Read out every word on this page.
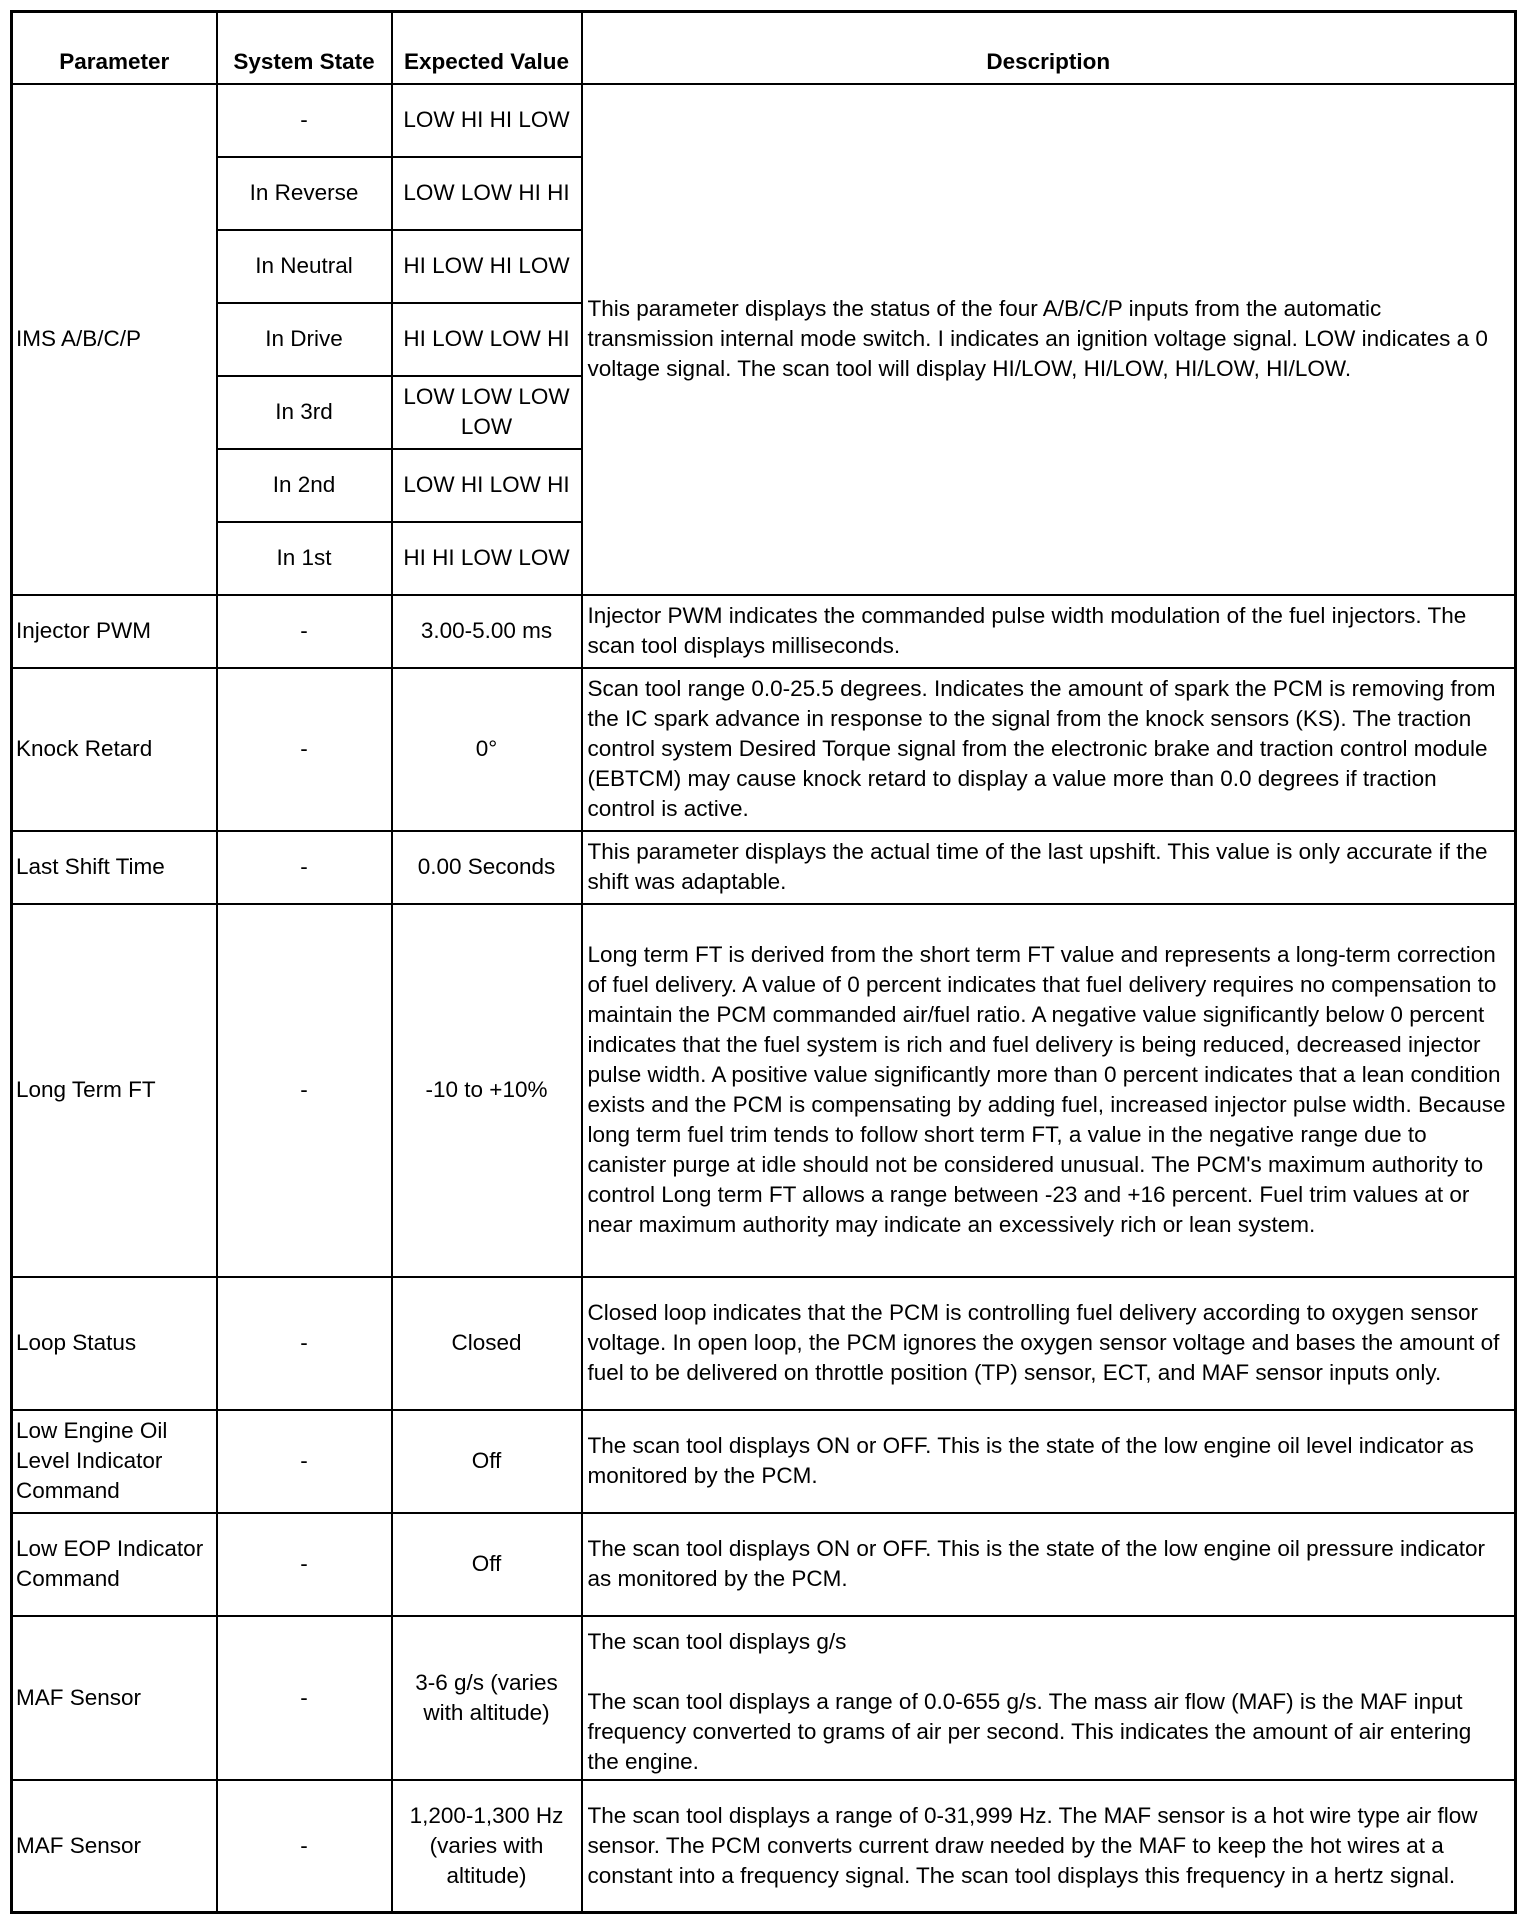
Parameter	System State	Expected Value	Description
IMS A/B/C/P	-	LOW HI HI LOW	This parameter displays the status of the four A/B/C/P inputs from the automatic transmission internal mode switch. I indicates an ignition voltage signal. LOW indicates a 0 voltage signal. The scan tool will display HI/LOW, HI/LOW, HI/LOW, HI/LOW.
	In Reverse	LOW LOW HI HI	
	In Neutral	HI LOW HI LOW	
	In Drive	HI LOW LOW HI	
	In 3rd	LOW LOW LOW LOW	
	In 2nd	LOW HI LOW HI	
	In 1st	HI HI LOW LOW	
Injector PWM	-	3.00-5.00 ms	Injector PWM indicates the commanded pulse width modulation of the fuel injectors. The scan tool displays milliseconds.
Knock Retard	-	0°	Scan tool range 0.0-25.5 degrees. Indicates the amount of spark the PCM is removing from the IC spark advance in response to the signal from the knock sensors (KS). The traction control system Desired Torque signal from the electronic brake and traction control module (EBTCM) may cause knock retard to display a value more than 0.0 degrees if traction control is active.
Last Shift Time	-	0.00 Seconds	This parameter displays the actual time of the last upshift. This value is only accurate if the shift was adaptable.
Long Term FT	-	-10 to +10%	Long term FT is derived from the short term FT value and represents a long-term correction of fuel delivery. A value of 0 percent indicates that fuel delivery requires no compensation to maintain the PCM commanded air/fuel ratio. A negative value significantly below 0 percent indicates that the fuel system is rich and fuel delivery is being reduced, decreased injector pulse width. A positive value significantly more than 0 percent indicates that a lean condition exists and the PCM is compensating by adding fuel, increased injector pulse width. Because long term fuel trim tends to follow short term FT, a value in the negative range due to canister purge at idle should not be considered unusual. The PCM's maximum authority to control Long term FT allows a range between -23 and +16 percent. Fuel trim values at or near maximum authority may indicate an excessively rich or lean system.
Loop Status	-	Closed	Closed loop indicates that the PCM is controlling fuel delivery according to oxygen sensor voltage. In open loop, the PCM ignores the oxygen sensor voltage and bases the amount of fuel to be delivered on throttle position (TP) sensor, ECT, and MAF sensor inputs only.
Low Engine Oil Level Indicator Command	-	Off	The scan tool displays ON or OFF. This is the state of the low engine oil level indicator as monitored by the PCM.
Low EOP Indicator Command	-	Off	The scan tool displays ON or OFF. This is the state of the low engine oil pressure indicator as monitored by the PCM.
MAF Sensor	-	3-6 g/s (varies with altitude)	The scan tool displays g/s
The scan tool displays a range of 0.0-655 g/s. The mass air flow (MAF) is the MAF input frequency converted to grams of air per second. This indicates the amount of air entering the engine.

MAF Sensor	-	1,200-1,300 Hz (varies with altitude)	The scan tool displays a range of 0-31,999 Hz. The MAF sensor is a hot wire type air flow sensor. The PCM converts current draw needed by the MAF to keep the hot wires at a constant into a frequency signal. The scan tool displays this frequency in a hertz signal.
